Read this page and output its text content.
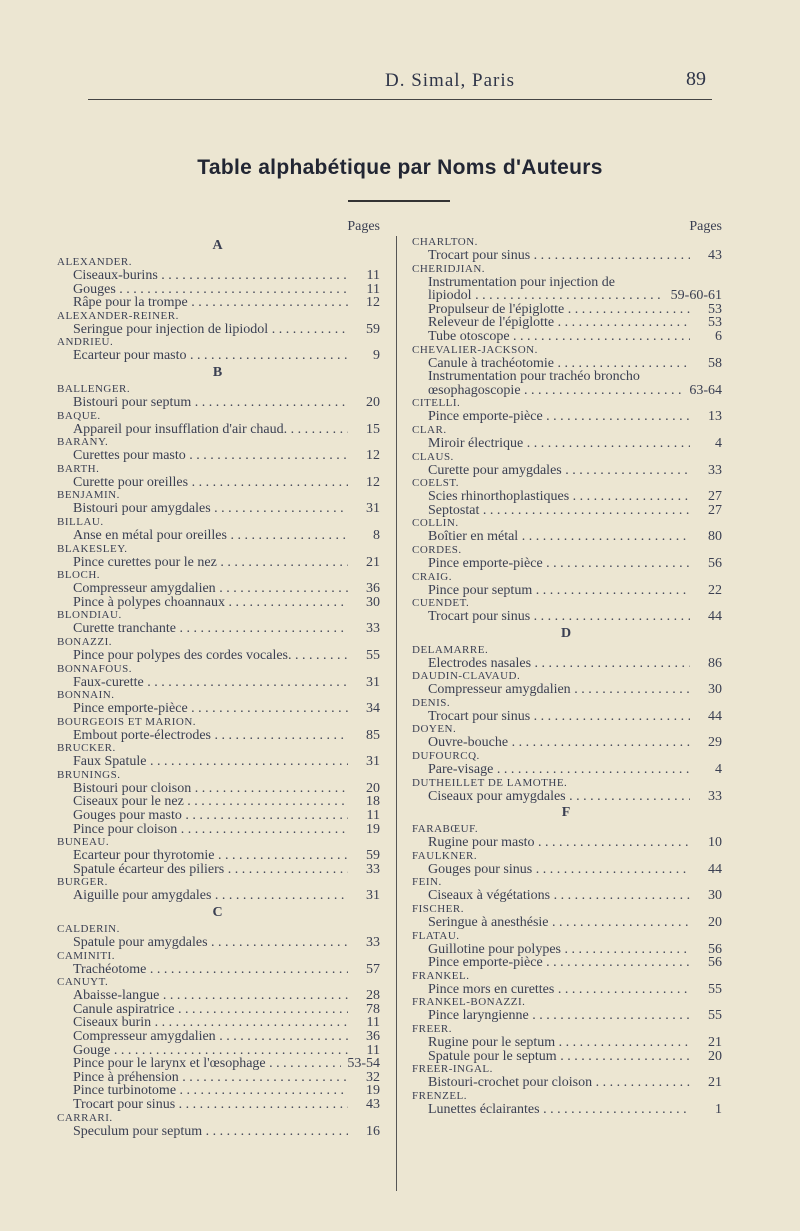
D. Simal, Paris	89
Table alphabétique par Noms d'Auteurs
Pages
A
ALEXANDER.
Ciseaux-burins . . .	11
Gouges . . .	11
Râpe pour la trompe . . .	12
ALEXANDER-REINER.
Seringue pour injection de lipiodol . . .	59
ANDRIEU.
Écarteur pour masto . . .	9
B
BALLENGER.
Bistouri pour septum . . .	20
BAQUE.
Appareil pour insufflation d'air chaud. . . .	15
BARANY.
Curettes pour masto . . .	12
BARTH.
Curette pour oreilles . . .	12
BENJAMIN.
Bistouri pour amygdales . . .	31
BILLAU.
Anse en métal pour oreilles . . .	8
BLAKESLEY.
Pince curettes pour le nez . . .	21
BLOCH.
Compresseur amygdalien . . .	36
Pince à polypes choannaux . . .	30
BLONDIAU.
Curette tranchante . . .	33
BONAZZI.
Pince pour polypes des cordes vocales. . . .	55
BONNAFOUS.
Faux-curette . . .	31
BONNAIN.
Pince emporte-pièce . . .	34
BOURGEOIS ET MARION.
Embout porte-électrodes . . .	85
BRUCKER.
Faux Spatule . . .	31
BRUNINGS.
Bistouri pour cloison . . .	20
Ciseaux pour le nez . . .	18
Gouges pour masto . . .	11
Pince pour cloison . . .	19
BUNEAU.
Écarteur pour thyrotomie . . .	59
Spatule écarteur des piliers . . .	33
BURGER.
Aiguille pour amygdales . . .	31
C
CALDERIN.
Spatule pour amygdales . . .	33
CAMINITI.
Trachéotome . . .	57
CANUYT.
Abaisse-langue . . .	28
Canule aspiratrice . . .	78
Ciseaux burin . . .	11
Compresseur amygdalien . . .	36
Gouge . . .	11
Pince pour le larynx et l'œsophage . . .	53-54
Pince à préhension . . .	32
Pince turbinotome . . .	19
Trocart pour sinus . . .	43
CARRARI.
Speculum pour septum . . .	16
Pages
CHARLTON.
Trocart pour sinus . . .	43
CHERIDJIAN.
Instrumentation pour injection de
lipiodol . . .	59-60-61
Propulseur de l'épiglotte . . .	53
Releveur de l'épiglotte . . .	53
Tube otoscope . . .	6
CHEVALIER-JACKSON.
Canule à trachéotomie . . .	58
Instrumentation pour trachéo broncho
œsophagoscopie . . .	63-64
CITELLI.
Pince emporte-pièce . . .	13
CLAR.
Miroir électrique . . .	4
CLAUS.
Curette pour amygdales . . .	33
COELST.
Scies rhinorthoplastiques . . .	27
Septostat . . .	27
COLLIN.
Boîtier en métal . . .	80
CORDES.
Pince emporte-pièce . . .	56
CRAIG.
Pince pour septum . . .	22
CUENDET.
Trocart pour sinus . . .	44
D
DELAMARRE.
Electrodes nasales . . .	86
DAUDIN-CLAVAUD.
Compresseur amygdalien . . .	30
DENIS.
Trocart pour sinus . . .	44
DOYEN.
Ouvre-bouche . . .	29
DUFOURCQ.
Pare-visage . . .	4
DUTHEILLET DE LAMOTHE.
Ciseaux pour amygdales . . .	33
F
FARABŒUF.
Rugine pour masto . . .	10
FAULKNER.
Gouges pour sinus . . .	44
FEIN.
Ciseaux à végétations . . .	30
FISCHER.
Seringue à anesthésie . . .	20
FLATAU.
Guillotine pour polypes . . .	56
Pince emporte-pièce . . .	56
FRANKEL.
Pince mors en curettes . . .	55
FRANKEL-BONAZZI.
Pince laryngienne . . .	55
FREER.
Rugine pour le septum . . .	21
Spatule pour le septum . . .	20
FREER-INGAL.
Bistouri-crochet pour cloison . . .	21
FRENZEL.
Lunettes éclairantes . . .	1
